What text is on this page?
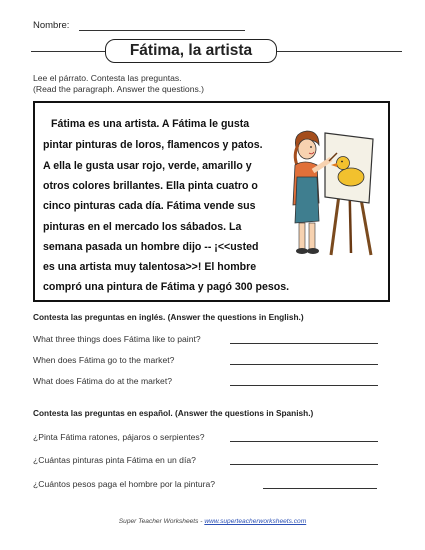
Nombre:
Fátima, la artista
Lee el párrato. Contesta las preguntas.
(Read the paragraph. Answer the questions.)
Fátima es una artista. A Fátima le gusta
pintar pinturas de loros, flamencos y patos.
A ella le gusta usar rojo, verde, amarillo y
otros colores brillantes. Ella pinta cuatro o
cinco pinturas cada día. Fátima vende sus
pinturas en el mercado los sábados. La
semana pasada un hombre dijo -- ¡<<usted
es una artista muy talentosa>>! El hombre
compró una pintura de Fátima y pagó 300 pesos.
Contesta las preguntas en inglés. (Answer the questions in English.)
What three things does Fátima like to paint?
When does Fátima go to the market?
What does Fátima do at the market?
Contesta las preguntas en español. (Answer the questions in Spanish.)
¿Pinta Fátima ratones, pájaros o serpientes?
¿Cuántas pinturas pinta Fátima en un día?
¿Cuántos pesos paga el hombre por la pintura?
Super Teacher Worksheets - www.superteacherworksheets.com
